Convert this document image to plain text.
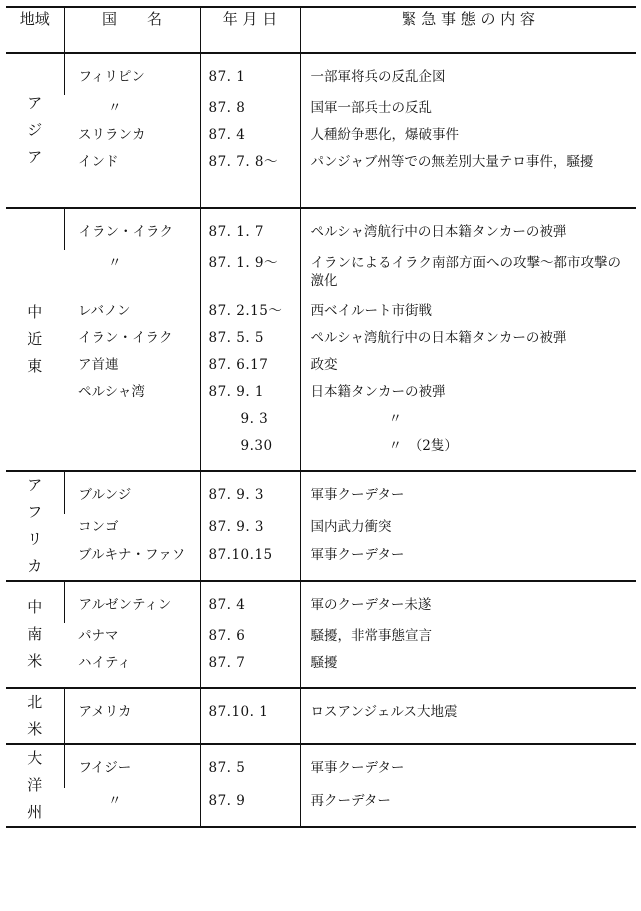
地域	国　　名	年 月 日	緊 急 事 態 の 内 容

ア
ジ
ア	フィリピン	87. 1	一部軍将兵の反乱企図

	〃	87. 8	国軍一部兵士の反乱

	スリランカ	87. 4	人種紛争悪化，爆破事件

	インド	87. 7. 8～	パンジャブ州等での無差別大量テロ事件，騒擾

中
近
東	イラン・イラク	87. 1. 7	ペルシャ湾航行中の日本籍タンカーの被弾

	〃	87. 1. 9～	イランによるイラク南部方面への攻撃～都市攻撃の激化

	レバノン	87. 2.15～	西ベイルート市街戦

	イラン・イラク	87. 5. 5	ペルシャ湾航行中の日本籍タンカーの被弾

	ア首連	87. 6.17	政変

	ペルシャ湾	87. 9. 1	日本籍タンカーの被弾

		9. 3	〃

		9.30	〃　（2隻）

ア
フ
リ
カ	ブルンジ	87. 9. 3	軍事クーデター

	コンゴ	87. 9. 3	国内武力衝突

	ブルキナ・ファソ	87.10.15	軍事クーデター

中
南
米	アルゼンティン	87. 4	軍のクーデター未遂

	パナマ	87. 6	騒擾，非常事態宣言

	ハイティ	87. 7	騒擾

北
米	アメリカ	87.10. 1	ロスアンジェルス大地震

大
洋
州	フイジー	87. 5	軍事クーデター

	〃	87. 9	再クーデター
